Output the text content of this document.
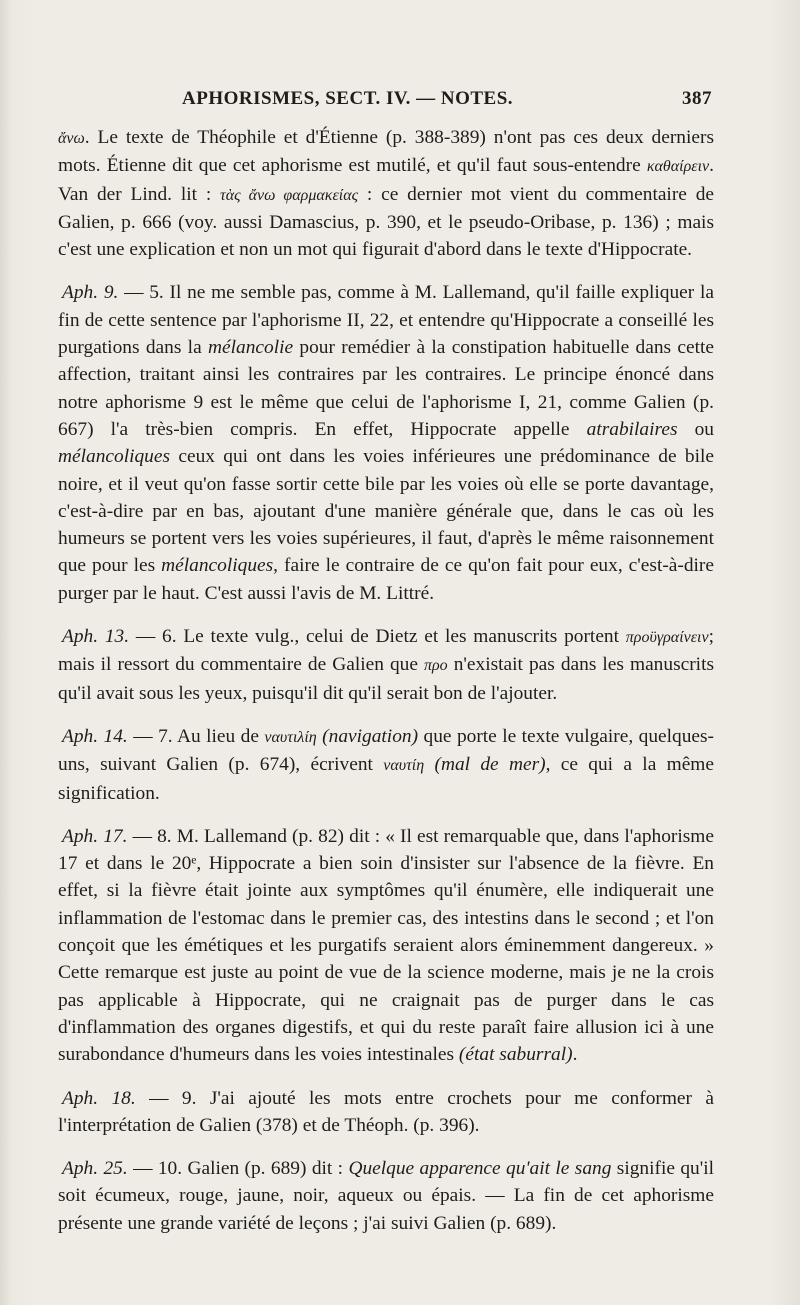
APHORISMES, SECT. IV. — NOTES.	387

ἄνω. Le texte de Théophile et d'Étienne (p. 388-389) n'ont pas ces deux derniers mots. Étienne dit que cet aphorisme est mutilé, et qu'il faut sous-entendre καθαίρειν. Van der Lind. lit : τὰς ἄνω φαρμακείας : ce dernier mot vient du commentaire de Galien, p. 666 (voy. aussi Damascius, p. 390, et le pseudo-Oribase, p. 136) ; mais c'est une explication et non un mot qui figurait d'abord dans le texte d'Hippocrate.

Aph. 9. — 5. Il ne me semble pas, comme à M. Lallemand, qu'il faille expliquer la fin de cette sentence par l'aphorisme II, 22, et entendre qu'Hippocrate a conseillé les purgations dans la mélancolie pour remédier à la constipation habituelle dans cette affection, traitant ainsi les contraires par les contraires. Le principe énoncé dans notre aphorisme 9 est le même que celui de l'aphorisme I, 21, comme Galien (p. 667) l'a très-bien compris. En effet, Hippocrate appelle atrabilaires ou mélancoliques ceux qui ont dans les voies inférieures une prédominance de bile noire, et il veut qu'on fasse sortir cette bile par les voies où elle se porte davantage, c'est-à-dire par en bas, ajoutant d'une manière générale que, dans le cas où les humeurs se portent vers les voies supérieures, il faut, d'après le même raisonnement que pour les mélancoliques, faire le contraire de ce qu'on fait pour eux, c'est-à-dire purger par le haut. C'est aussi l'avis de M. Littré.

Aph. 13. — 6. Le texte vulg., celui de Dietz et les manuscrits portent προϋγραίνειν; mais il ressort du commentaire de Galien que προ n'existait pas dans les manuscrits qu'il avait sous les yeux, puisqu'il dit qu'il serait bon de l'ajouter.

Aph. 14. — 7. Au lieu de ναυτιλίη (navigation) que porte le texte vulgaire, quelques-uns, suivant Galien (p. 674), écrivent ναυτίη (mal de mer), ce qui a la même signification.

Aph. 17. — 8. M. Lallemand (p. 82) dit : « Il est remarquable que, dans l'aphorisme 17 et dans le 20ᵉ, Hippocrate a bien soin d'insister sur l'absence de la fièvre. En effet, si la fièvre était jointe aux symptômes qu'il énumère, elle indiquerait une inflammation de l'estomac dans le premier cas, des intestins dans le second ; et l'on conçoit que les émétiques et les purgatifs seraient alors éminemment dangereux. » Cette remarque est juste au point de vue de la science moderne, mais je ne la crois pas applicable à Hippocrate, qui ne craignait pas de purger dans le cas d'inflammation des organes digestifs, et qui du reste paraît faire allusion ici à une surabondance d'humeurs dans les voies intestinales (état saburral).

Aph. 18. — 9. J'ai ajouté les mots entre crochets pour me conformer à l'interprétation de Galien (378) et de Théoph. (p. 396).

Aph. 25. — 10. Galien (p. 689) dit : Quelque apparence qu'ait le sang signifie qu'il soit écumeux, rouge, jaune, noir, aqueux ou épais. — La fin de cet aphorisme présente une grande variété de leçons ; j'ai suivi Galien (p. 689).
